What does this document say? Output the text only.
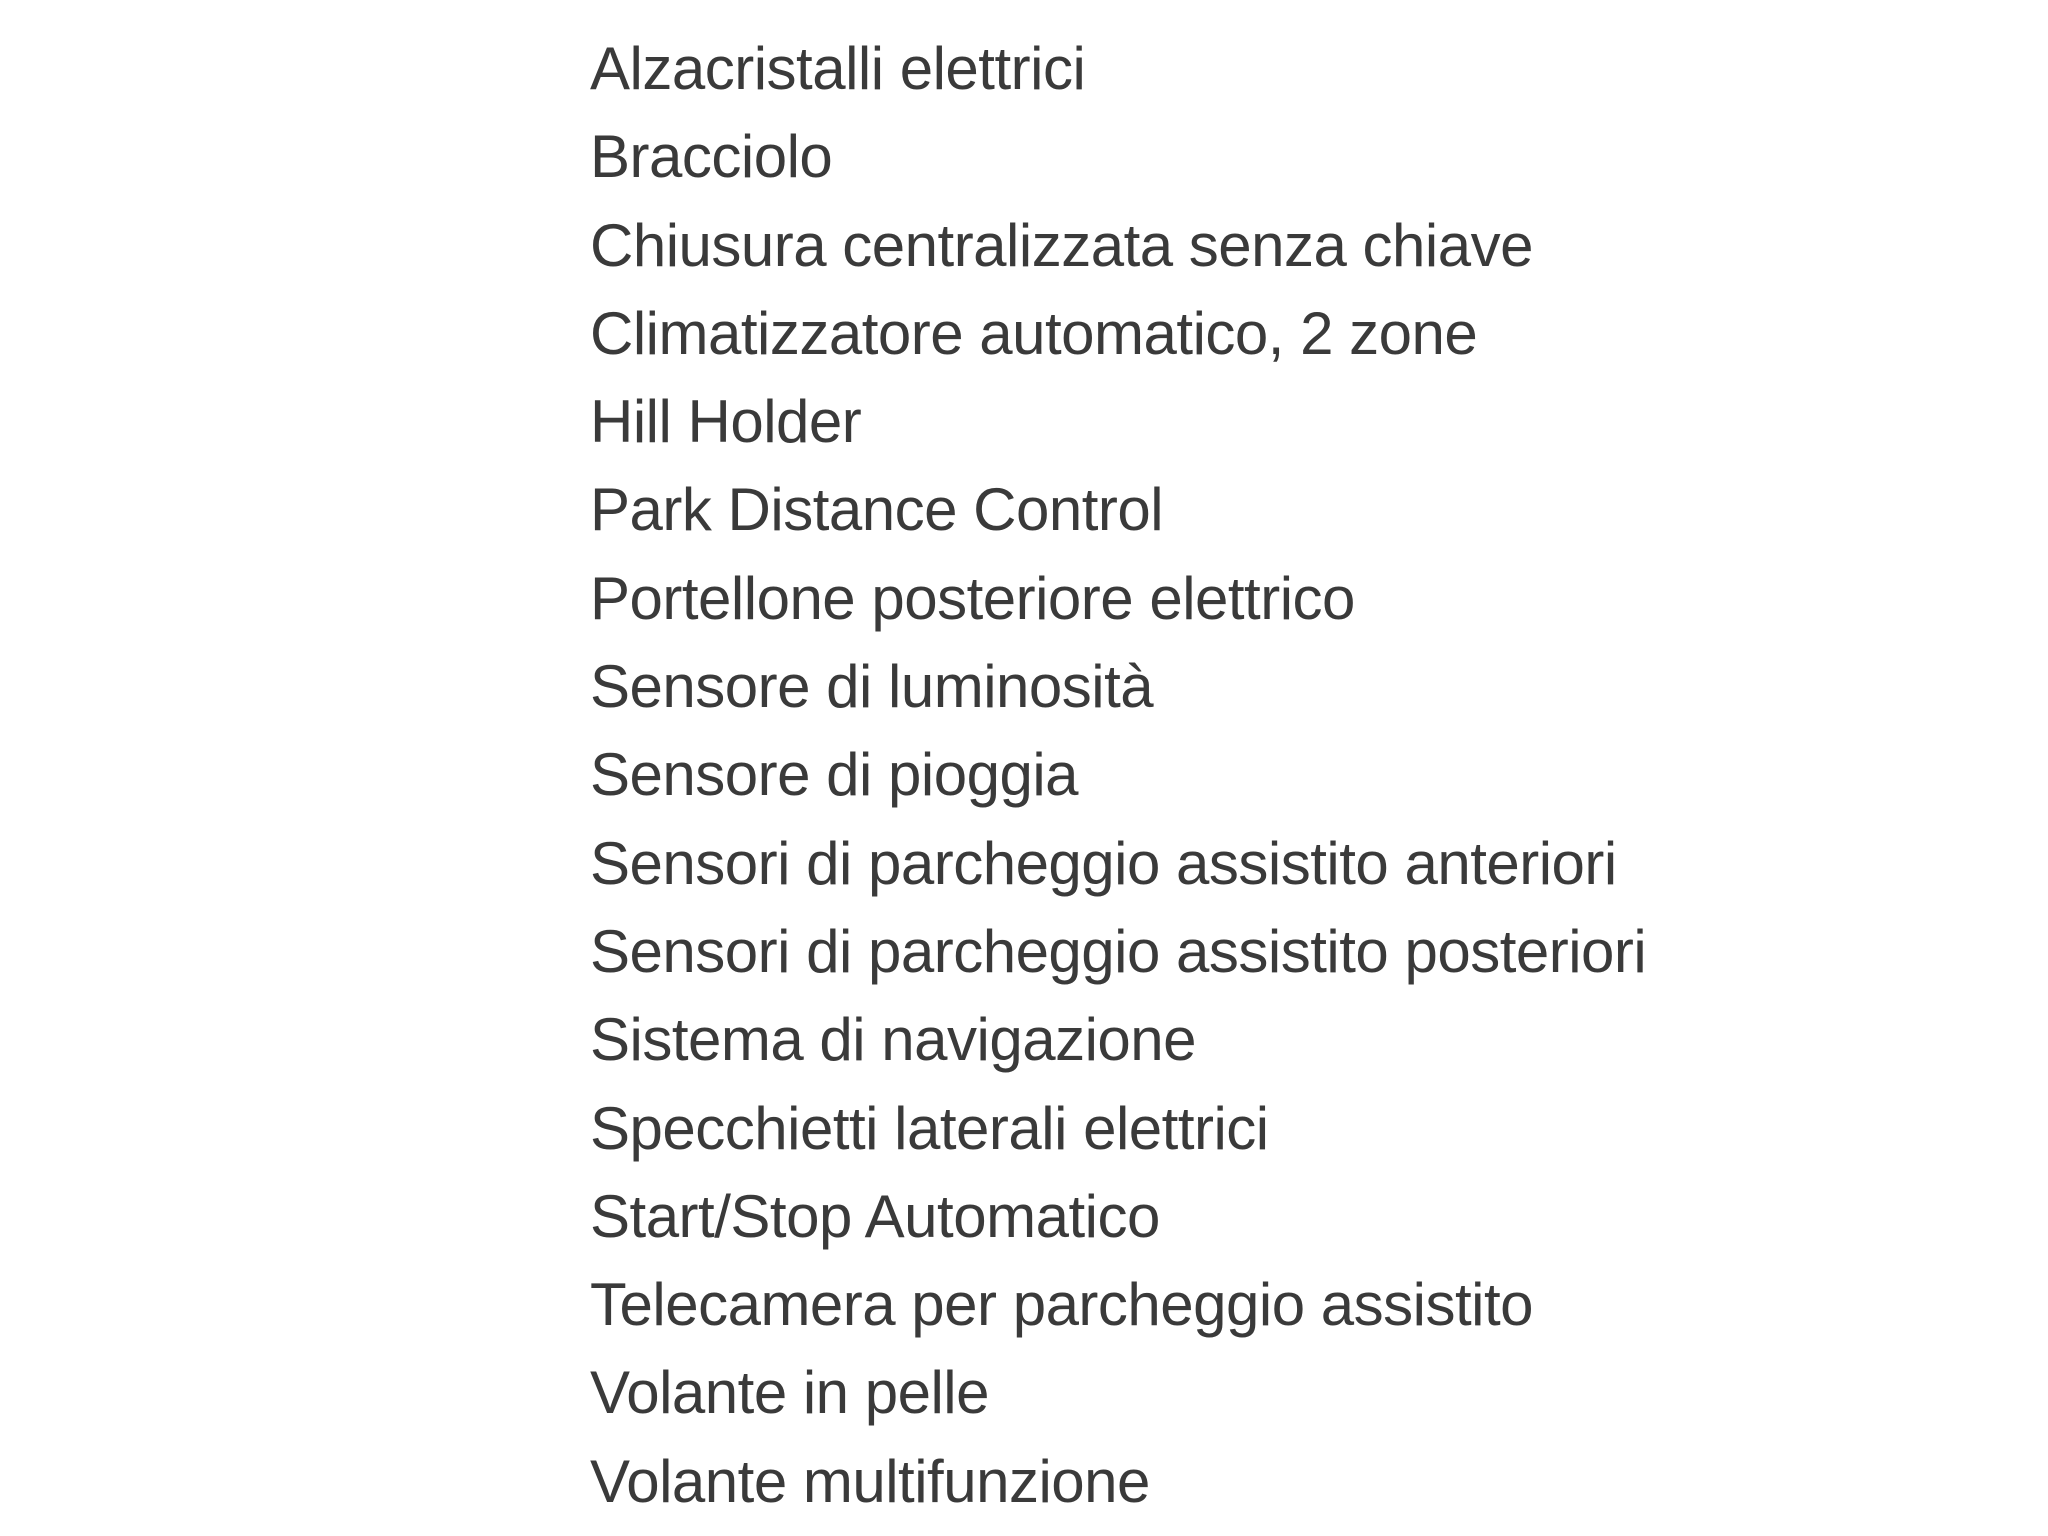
Alzacristalli elettrici
Bracciolo
Chiusura centralizzata senza chiave
Climatizzatore automatico, 2 zone
Hill Holder
Park Distance Control
Portellone posteriore elettrico
Sensore di luminosità
Sensore di pioggia
Sensori di parcheggio assistito anteriori
Sensori di parcheggio assistito posteriori
Sistema di navigazione
Specchietti laterali elettrici
Start/Stop Automatico
Telecamera per parcheggio assistito
Volante in pelle
Volante multifunzione
